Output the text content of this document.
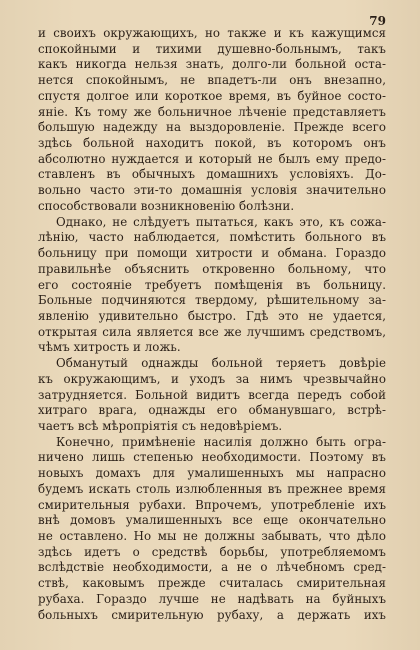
79
и своихъ окружающихъ, но также и къ кажущимся
спокойными и тихими душевно-больнымъ, такъ
какъ никогда нельзя знать, долго-ли больной оста-
нется спокойнымъ, не впадетъ-ли онъ внезапно,
спустя долгое или короткое время, въ буйное состо-
яніе. Къ тому же больничное лѣченіе представляетъ
большую надежду на выздоровленіе. Прежде всего
здѣсь больной находитъ покой, въ которомъ онъ
абсолютно нуждается и который не былъ ему предо-
ставленъ въ обычныхъ домашнихъ условіяхъ. До-
вольно часто эти-то домашнія условія значительно
способствовали возникновенію болѣзни.
Однако, не слѣдуетъ пытаться, какъ это, къ сожа-
лѣнію, часто наблюдается, помѣстить больного въ
больницу при помощи хитрости и обмана. Гораздо
правильнѣе объяснить откровенно больному, что
его состояніе требуетъ помѣщенія въ больницу.
Больные подчиняются твердому, рѣшительному за-
явленію удивительно быстро. Гдѣ это не удается,
открытая сила является все же лучшимъ средствомъ,
чѣмъ хитрость и ложь.
Обманутый однажды больной теряетъ довѣріе
къ окружающимъ, и уходъ за нимъ чрезвычайно
затрудняется. Больной видитъ всегда передъ собой
хитраго врага, однажды его обманувшаго, встрѣ-
чаетъ всѣ мѣропріятія съ недовѣріемъ.
Конечно, примѣненіе насилія должно быть огра-
ничено лишь степенью необходимости. Поэтому въ
новыхъ домахъ для умалишенныхъ мы напрасно
будемъ искать столь излюбленныя въ прежнее время
смирительныя рубахи. Впрочемъ, употребленіе ихъ
внѣ домовъ умалишенныхъ все еще окончательно
не оставлено. Но мы не должны забывать, что дѣло
здѣсь идетъ о средствѣ борьбы, употребляемомъ
вслѣдствіе необходимости, а не о лѣчебномъ сред-
ствѣ, каковымъ прежде считалась смирительная
рубаха. Гораздо лучше не надѣвать на буйныхъ
больныхъ смирительную рубаху, а держать ихъ
